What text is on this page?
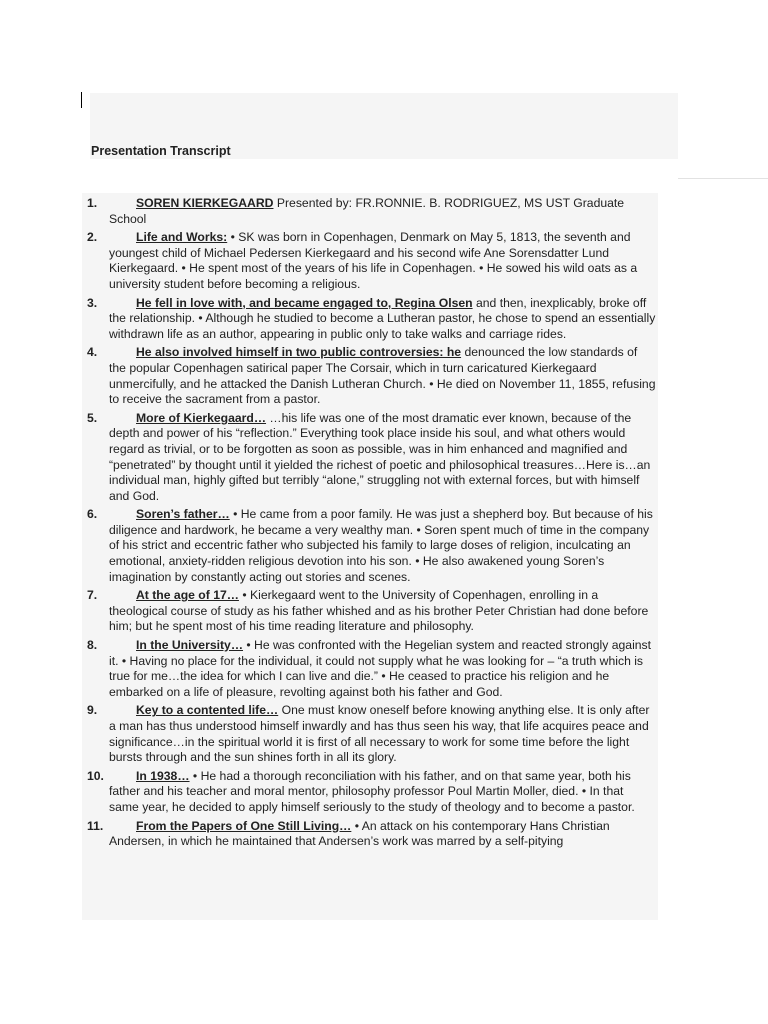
Presentation Transcript
1.	SOREN KIERKEGAARD Presented by: FR.RONNIE. B. RODRIGUEZ, MS UST Graduate School
2.	Life and Works: • SK was born in Copenhagen, Denmark on May 5, 1813, the seventh and youngest child of Michael Pedersen Kierkegaard and his second wife Ane Sorensdatter Lund Kierkegaard. • He spent most of the years of his life in Copenhagen. • He sowed his wild oats as a university student before becoming a religious.
3.	He fell in love with, and became engaged to, Regina Olsen and then, inexplicably, broke off the relationship. • Although he studied to become a Lutheran pastor, he chose to spend an essentially withdrawn life as an author, appearing in public only to take walks and carriage rides.
4.	He also involved himself in two public controversies: he denounced the low standards of the popular Copenhagen satirical paper The Corsair, which in turn caricatured Kierkegaard unmercifully, and he attacked the Danish Lutheran Church. • He died on November 11, 1855, refusing to receive the sacrament from a pastor.
5.	More of Kierkegaard… …his life was one of the most dramatic ever known, because of the depth and power of his “reflection.” Everything took place inside his soul, and what others would regard as trivial, or to be forgotten as soon as possible, was in him enhanced and magnified and “penetrated” by thought until it yielded the richest of poetic and philosophical treasures…Here is…an individual man, highly gifted but terribly “alone,” struggling not with external forces, but with himself and God.
6.	Soren’s father… • He came from a poor family. He was just a shepherd boy. But because of his diligence and hardwork, he became a very wealthy man. • Soren spent much of time in the company of his strict and eccentric father who subjected his family to large doses of religion, inculcating an emotional, anxiety-ridden religious devotion into his son. • He also awakened young Soren’s imagination by constantly acting out stories and scenes.
7.	At the age of 17… • Kierkegaard went to the University of Copenhagen, enrolling in a theological course of study as his father whished and as his brother Peter Christian had done before him; but he spent most of his time reading literature and philosophy.
8.	In the University… • He was confronted with the Hegelian system and reacted strongly against it. • Having no place for the individual, it could not supply what he was looking for – “a truth which is true for me…the idea for which I can live and die.” • He ceased to practice his religion and he embarked on a life of pleasure, revolting against both his father and God.
9.	Key to a contented life… One must know oneself before knowing anything else. It is only after a man has thus understood himself inwardly and has thus seen his way, that life acquires peace and significance…in the spiritual world it is first of all necessary to work for some time before the light bursts through and the sun shines forth in all its glory.
10.	In 1938… • He had a thorough reconciliation with his father, and on that same year, both his father and his teacher and moral mentor, philosophy professor Poul Martin Moller, died. • In that same year, he decided to apply himself seriously to the study of theology and to become a pastor.
11.	From the Papers of One Still Living… • An attack on his contemporary Hans Christian Andersen, in which he maintained that Andersen’s work was marred by a self-pitying
